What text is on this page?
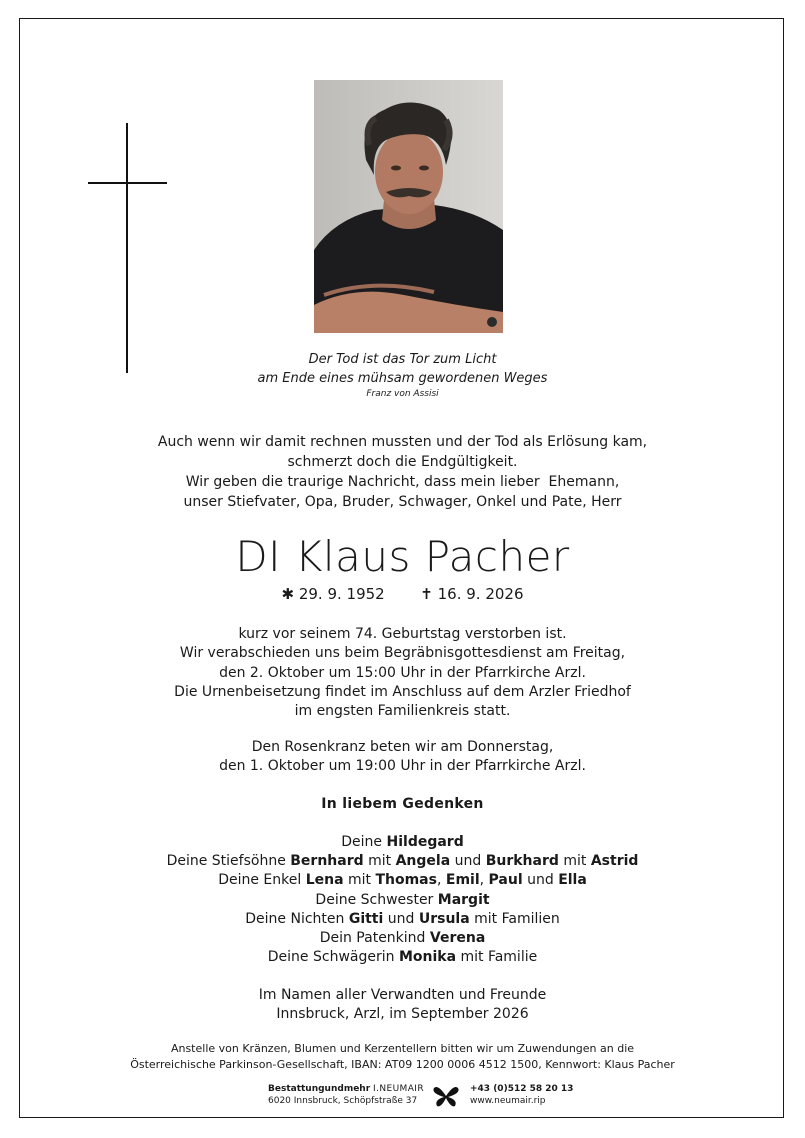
Der Tod ist das Tor zum Licht
am Ende eines mühsam gewordenen Weges
Franz von Assisi
Auch wenn wir damit rechnen mussten und der Tod als Erlösung kam,
schmerzt doch die Endgültigkeit.
Wir geben die traurige Nachricht, dass mein lieber  Ehemann,
unser Stiefvater, Opa, Bruder, Schwager, Onkel und Pate, Herr
DI Klaus Pacher
✱ 29. 9. 1952 ✝ 16. 9. 2026
kurz vor seinem 74. Geburtstag verstorben ist.
Wir verabschieden uns beim Begräbnisgottesdienst am Freitag,
den 2. Oktober um 15:00 Uhr in der Pfarrkirche Arzl.
Die Urnenbeisetzung findet im Anschluss auf dem Arzler Friedhof
im engsten Familienkreis statt.
Den Rosenkranz beten wir am Donnerstag,
den 1. Oktober um 19:00 Uhr in der Pfarrkirche Arzl.
In liebem Gedenken
Deine Hildegard
Deine Stiefsöhne Bernhard mit Angela und Burkhard mit Astrid
Deine Enkel Lena mit Thomas, Emil, Paul und Ella
Deine Schwester Margit
Deine Nichten Gitti und Ursula mit Familien
Dein Patenkind Verena
Deine Schwägerin Monika mit Familie
Im Namen aller Verwandten und Freunde
Innsbruck, Arzl, im September 2026
Anstelle von Kränzen, Blumen und Kerzentellern bitten wir um Zuwendungen an die
Österreichische Parkinson-Gesellschaft, IBAN: AT09 1200 0006 4512 1500, Kennwort: Klaus Pacher
Bestattungundmehr I.NEUMAIR
6020 Innsbruck, Schöpfstraße 37
+43 (0)512 58 20 13
www.neumair.rip
